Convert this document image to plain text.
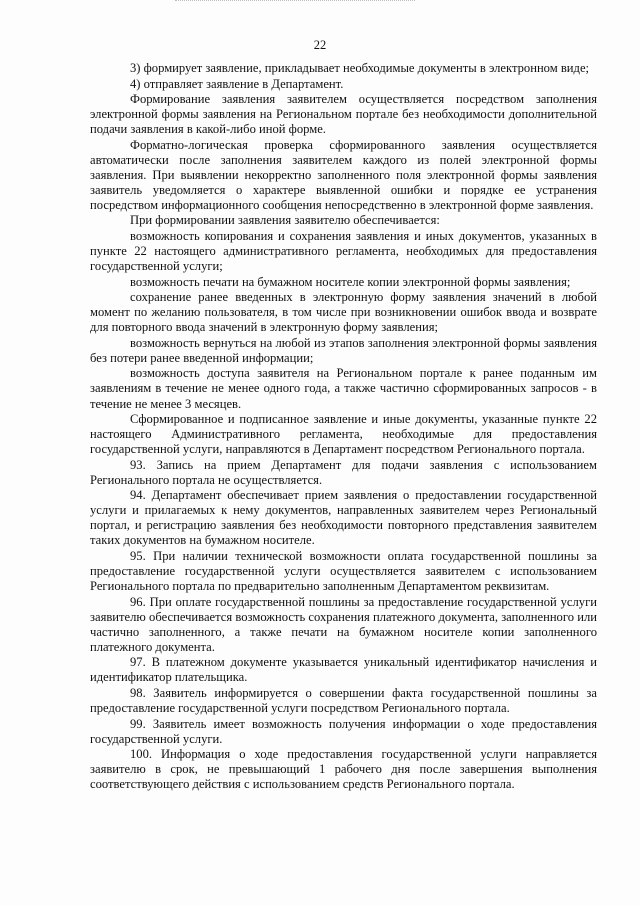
22

3) формирует заявление, прикладывает необходимые документы в электронном виде;

4) отправляет заявление в Департамент.

Формирование заявления заявителем осуществляется посредством заполнения электронной формы заявления на Региональном портале без необходимости дополнительной подачи заявления в какой-либо иной форме.

Форматно-логическая проверка сформированного заявления осуществляется автоматически после заполнения заявителем каждого из полей электронной формы заявления. При выявлении некорректно заполненного поля электронной формы заявления заявитель уведомляется о характере выявленной ошибки и порядке ее устранения посредством информационного сообщения непосредственно в электронной форме заявления.

При формировании заявления заявителю обеспечивается:

возможность копирования и сохранения заявления и иных документов, указанных в пункте 22 настоящего административного регламента, необходимых для предоставления государственной услуги;

возможность печати на бумажном носителе копии электронной формы заявления;

сохранение ранее введенных в электронную форму заявления значений в любой момент по желанию пользователя, в том числе при возникновении ошибок ввода и возврате для повторного ввода значений в электронную форму заявления;

возможность вернуться на любой из этапов заполнения электронной формы заявления без потери ранее введенной информации;

возможность доступа заявителя на Региональном портале к ранее поданным им заявлениям в течение не менее одного года, а также частично сформированных запросов - в течение не менее 3 месяцев.

Сформированное и подписанное заявление и иные документы, указанные пункте 22 настоящего Административного регламента, необходимые для предоставления государственной услуги, направляются в Департамент посредством Регионального портала.

93. Запись на прием Департамент для подачи заявления с использованием Регионального портала не осуществляется.

94. Департамент обеспечивает прием заявления о предоставлении государственной услуги и прилагаемых к нему документов, направленных заявителем через Региональный портал, и регистрацию заявления без необходимости повторного представления заявителем таких документов на бумажном носителе.

95. При наличии технической возможности оплата государственной пошлины за предоставление государственной услуги осуществляется заявителем с использованием Регионального портала по предварительно заполненным Департаментом реквизитам.

96. При оплате государственной пошлины за предоставление государственной услуги заявителю обеспечивается возможность сохранения платежного документа, заполненного или частично заполненного, а также печати на бумажном носителе копии заполненного платежного документа.

97. В платежном документе указывается уникальный идентификатор начисления и идентификатор плательщика.

98. Заявитель информируется о совершении факта государственной пошлины за предоставление государственной услуги посредством Регионального портала.

99. Заявитель имеет возможность получения информации о ходе предоставления государственной услуги.

100. Информация о ходе предоставления государственной услуги направляется заявителю в срок, не превышающий 1 рабочего дня после завершения выполнения соответствующего действия с использованием средств Регионального портала.
